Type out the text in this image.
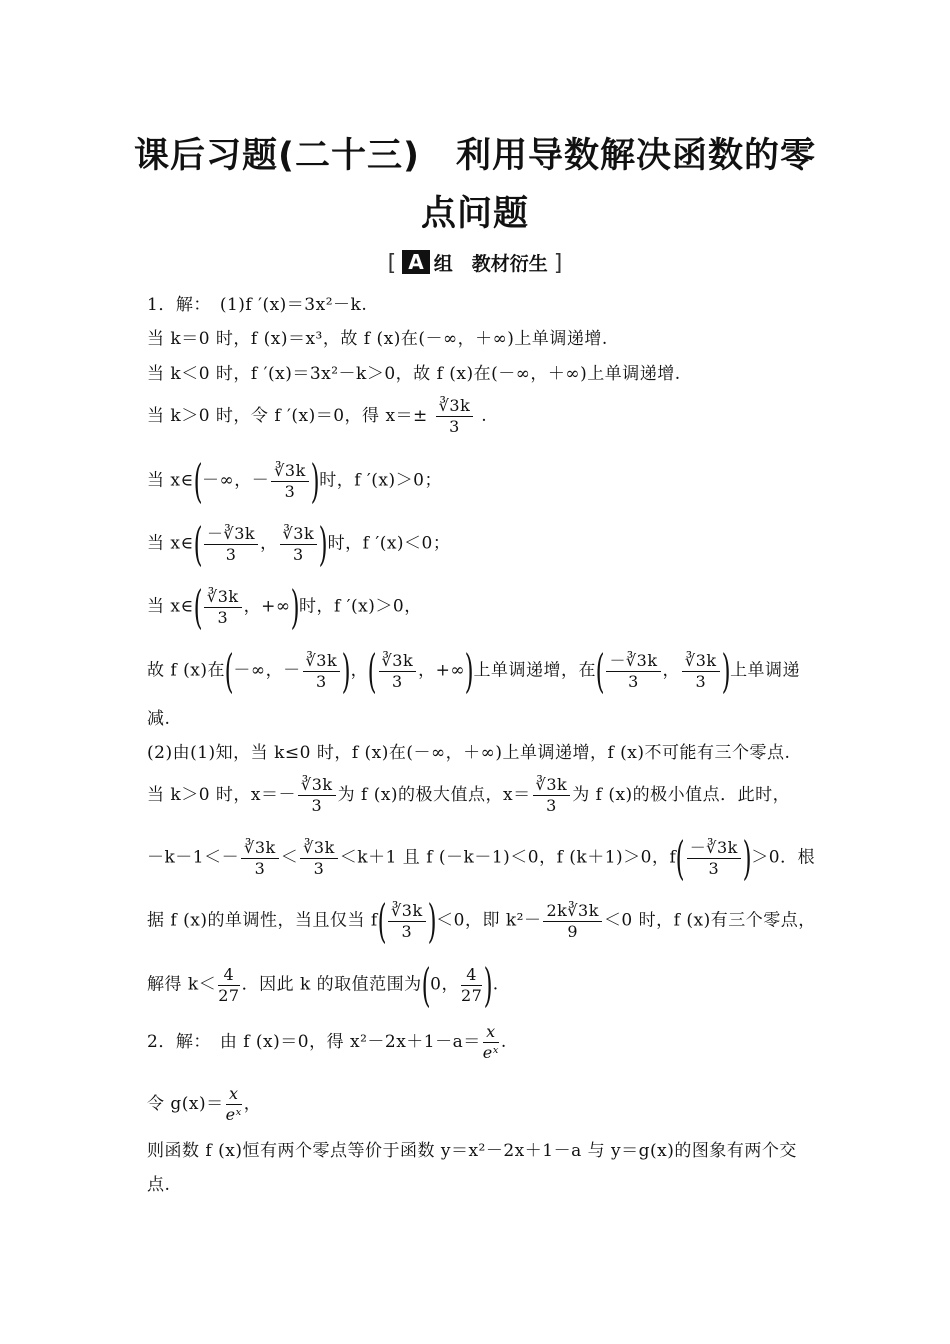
课后习题(二十三)　利用导数解决函数的零
点问题
[ A 组　教材衍生 ]
1．解：　(1)f ′(x)＝3x²－k.
当 k＝0 时，f (x)＝x³，故 f (x)在(－∞，＋∞)上单调递增.
当 k＜0 时，f ′(x)＝3x²－k＞0，故 f (x)在(－∞，＋∞)上单调递增.
当 k＞0 时，令 f ′(x)＝0，得 $x=\pm \frac{∛3k}{3}$ .
当 x∈(－∞，－ $\frac{∛3k}{3}$ )时，f ′(x)＞0；
当 x∈( $\frac{-∛3k}{3}$ ， $\frac{∛3k}{3}$ )时，f ′(x)＜0；
当 x∈( $\frac{∛3k}{3}$ ，+∞)时，f ′(x)＞0，
故 f (x)在(－∞，－ $\frac{∛3k}{3}$ )，( $\frac{∛3k}{3}$ ，+∞)上单调递增，在( $\frac{-∛3k}{3}$ ， $\frac{∛3k}{3}$ )上单调递
减.
(2)由(1)知，当 k≤0 时，f (x)在(－∞，＋∞)上单调递增，f (x)不可能有三个零点.
当 k＞0 时，$x=- \frac{∛3k}{3}$ 为 f (x)的极大值点，$x= \frac{∛3k}{3}$ 为 f (x)的极小值点．此时，
$-k-1<- \frac{∛3k}{3} < \frac{∛3k}{3} <k+1$ 且 f (－k－1)＜0，f (k＋1)＞0，$f( \frac{-∛3k}{3} )>0$．根
据 f (x)的单调性，当且仅当 $f( \frac{∛3k}{3} )<0$，即 $k^2- \frac{2k∛3k}{9} <0$ 时，f (x)有三个零点，
解得 $k< \frac{4}{27}$ ．因此 k 的取值范围为(0， $\frac{4}{27}$ ).
2．解：　由 f (x)＝0，得 $x^2-2x+1-a= \frac{x}{\text{eˣ}}$ .
令 $g(x)= \frac{x}{\text{eˣ}}$ ，
则函数 f (x)恒有两个零点等价于函数 y＝x²－2x＋1－a 与 y＝g(x)的图象有两个交
点.
